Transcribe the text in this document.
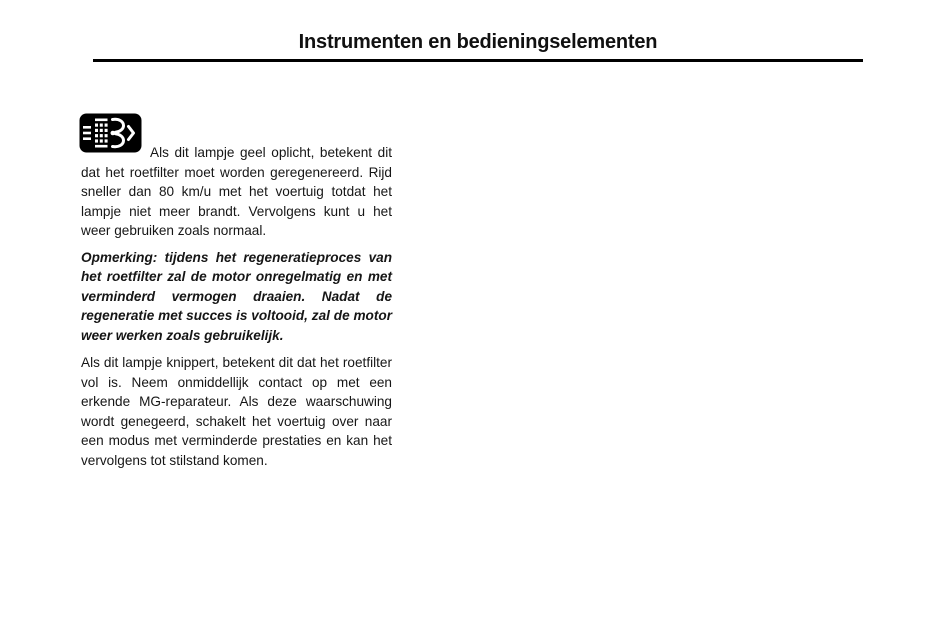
Instrumenten en bedieningselementen

Als dit lampje geel oplicht, betekent dit dat het roetfilter moet worden geregenereerd. Rijd sneller dan 80 km/u met het voertuig totdat het lampje niet meer brandt. Vervolgens kunt u het weer gebruiken zoals normaal.

Opmerking: tijdens het regeneratieproces van het roetfilter zal de motor onregelmatig en met verminderd vermogen draaien. Nadat de regeneratie met succes is voltooid, zal de motor weer werken zoals gebruikelijk.

Als dit lampje knippert, betekent dit dat het roetfilter vol is. Neem onmiddellijk contact op met een erkende MG-reparateur. Als deze waarschuwing wordt genegeerd, schakelt het voertuig over naar een modus met verminderde prestaties en kan het vervolgens tot stilstand komen.
